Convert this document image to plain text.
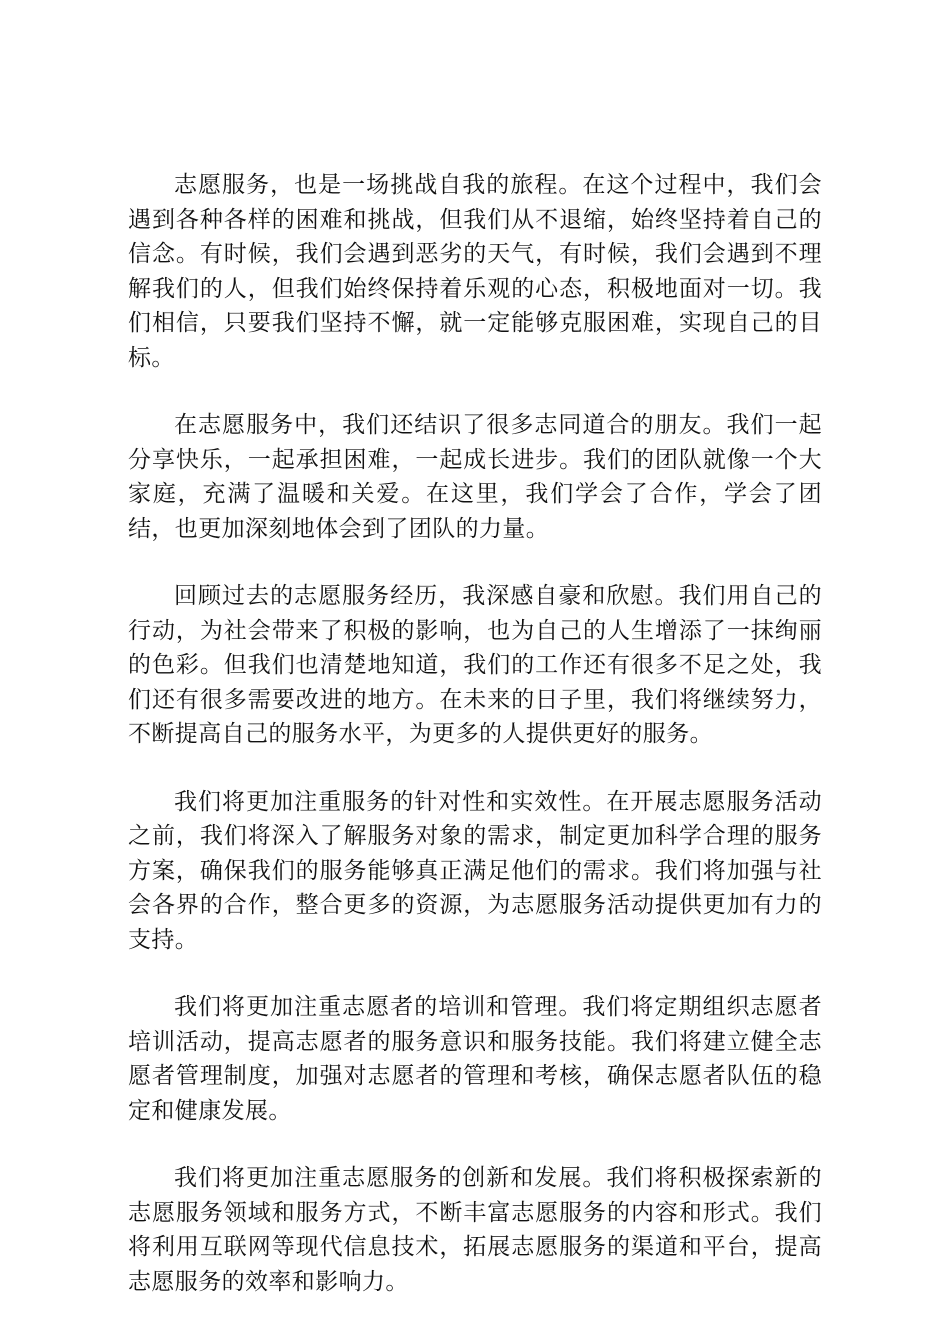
志愿服务，也是一场挑战自我的旅程。在这个过程中，我们会遇到各种各样的困难和挑战，但我们从不退缩，始终坚持着自己的信念。有时候，我们会遇到恶劣的天气，有时候，我们会遇到不理解我们的人，但我们始终保持着乐观的心态，积极地面对一切。我们相信，只要我们坚持不懈，就一定能够克服困难，实现自己的目标。

在志愿服务中，我们还结识了很多志同道合的朋友。我们一起分享快乐，一起承担困难，一起成长进步。我们的团队就像一个大家庭，充满了温暖和关爱。在这里，我们学会了合作，学会了团结，也更加深刻地体会到了团队的力量。

回顾过去的志愿服务经历，我深感自豪和欣慰。我们用自己的行动，为社会带来了积极的影响，也为自己的人生增添了一抹绚丽的色彩。但我们也清楚地知道，我们的工作还有很多不足之处，我们还有很多需要改进的地方。在未来的日子里，我们将继续努力，不断提高自己的服务水平，为更多的人提供更好的服务。

我们将更加注重服务的针对性和实效性。在开展志愿服务活动之前，我们将深入了解服务对象的需求，制定更加科学合理的服务方案，确保我们的服务能够真正满足他们的需求。我们将加强与社会各界的合作，整合更多的资源，为志愿服务活动提供更加有力的支持。

我们将更加注重志愿者的培训和管理。我们将定期组织志愿者培训活动，提高志愿者的服务意识和服务技能。我们将建立健全志愿者管理制度，加强对志愿者的管理和考核，确保志愿者队伍的稳定和健康发展。

我们将更加注重志愿服务的创新和发展。我们将积极探索新的志愿服务领域和服务方式，不断丰富志愿服务的内容和形式。我们将利用互联网等现代信息技术，拓展志愿服务的渠道和平台，提高志愿服务的效率和影响力。
